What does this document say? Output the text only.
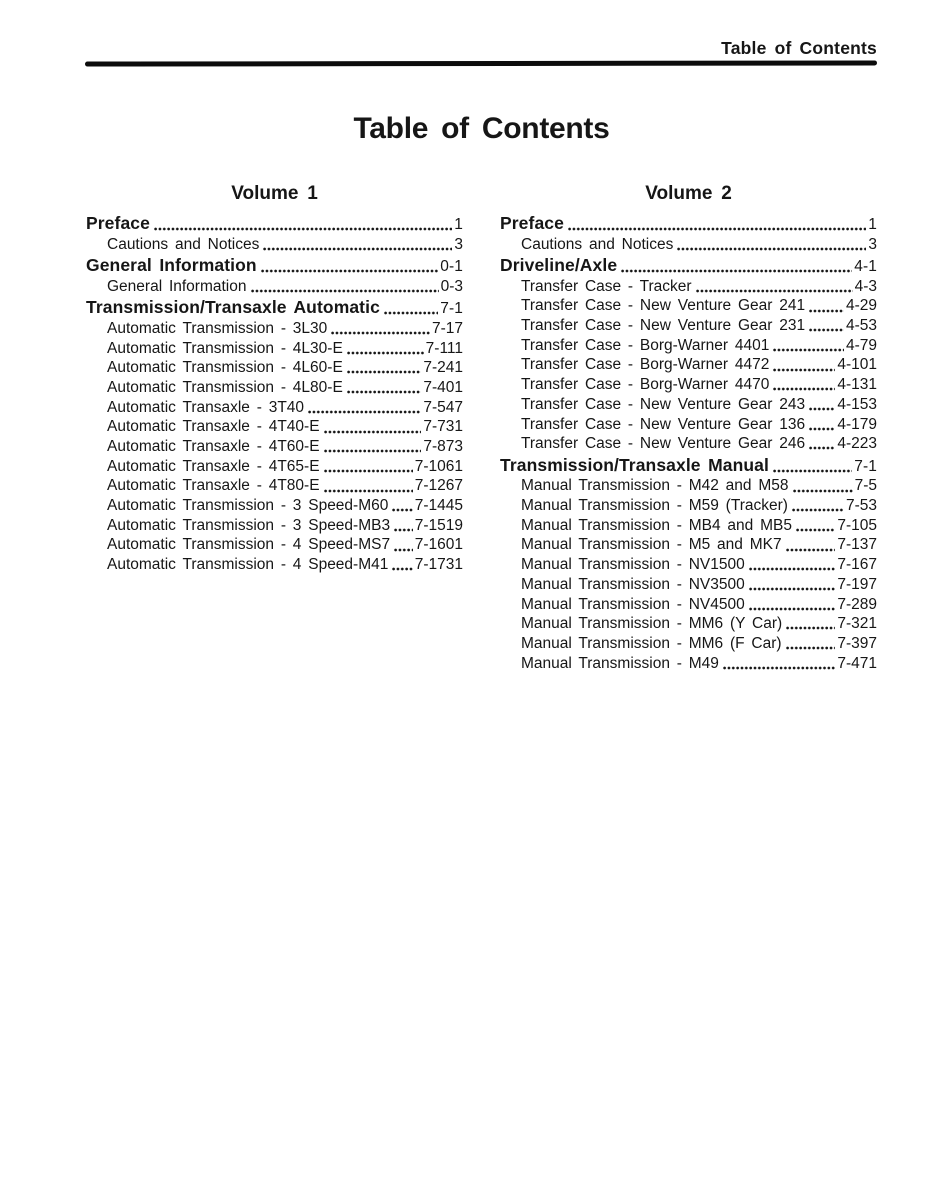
Table of Contents
Table of Contents
Volume 1
Preface	1
Cautions and Notices	3
General Information	0-1
General Information	0-3
Transmission/Transaxle Automatic	7-1
Automatic Transmission - 3L30	7-17
Automatic Transmission - 4L30-E	7-111
Automatic Transmission - 4L60-E	7-241
Automatic Transmission - 4L80-E	7-401
Automatic Transaxle - 3T40	7-547
Automatic Transaxle - 4T40-E	7-731
Automatic Transaxle - 4T60-E	7-873
Automatic Transaxle - 4T65-E	7-1061
Automatic Transaxle - 4T80-E	7-1267
Automatic Transmission - 3 Speed-M60 7-1445
Automatic Transmission - 3 Speed-MB3 7-1519
Automatic Transmission - 4 Speed-MS7 7-1601
Automatic Transmission - 4 Speed-M41 7-1731
Volume 2
Preface	1
Cautions and Notices	3
Driveline/Axle	4-1
Transfer Case - Tracker	4-3
Transfer Case - New Venture Gear 241	4-29
Transfer Case - New Venture Gear 231	4-53
Transfer Case - Borg-Warner 4401	4-79
Transfer Case - Borg-Warner 4472	4-101
Transfer Case - Borg-Warner 4470	4-131
Transfer Case - New Venture Gear 243 4-153
Transfer Case - New Venture Gear 136 4-179
Transfer Case - New Venture Gear 246 4-223
Transmission/Transaxle Manual	7-1
Manual Transmission - M42 and M58	7-5
Manual Transmission - M59 (Tracker)	7-53
Manual Transmission - MB4 and MB5	7-105
Manual Transmission - M5 and MK7	7-137
Manual Transmission - NV1500	7-167
Manual Transmission - NV3500	7-197
Manual Transmission - NV4500	7-289
Manual Transmission - MM6 (Y Car)	7-321
Manual Transmission - MM6 (F Car)	7-397
Manual Transmission - M49	7-471
